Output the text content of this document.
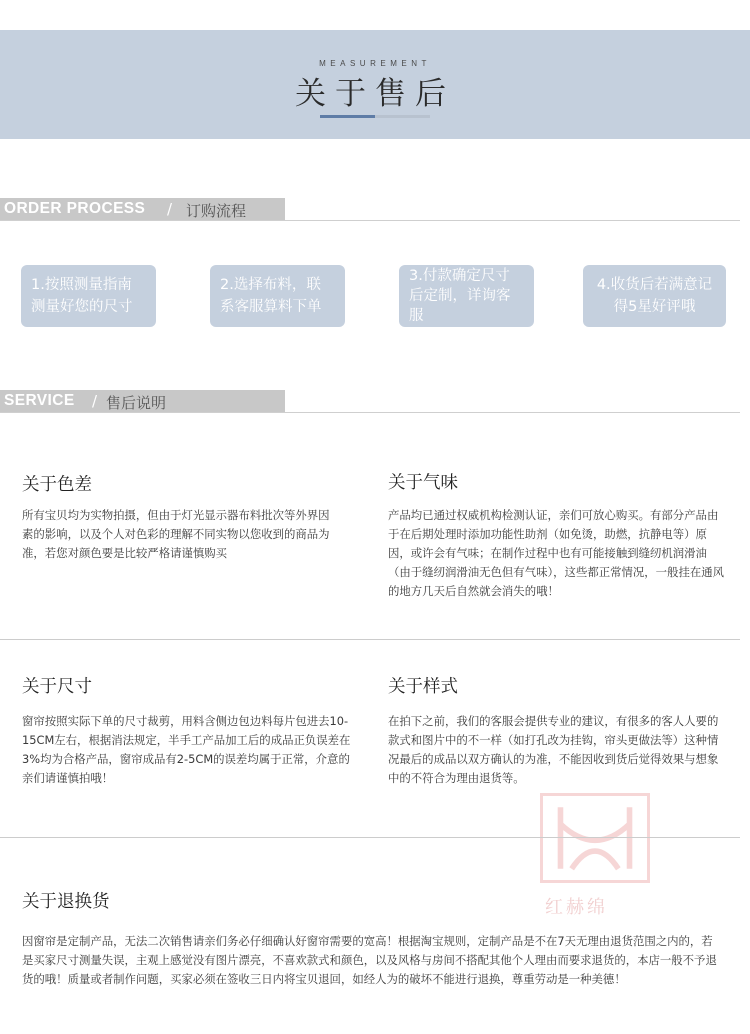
MEASUREMENT
关于售后
ORDER PROCESS / 订购流程
1.按照测量指南测量好您的尺寸
2.选择布料，联系客服算料下单
3.付款确定尺寸后定制，详询客服
4.收货后若满意记得5星好评哦
SERVICE / 售后说明
关于色差
所有宝贝均为实物拍摄，但由于灯光显示器布料批次等外界因素的影响，以及个人对色彩的理解不同实物以您收到的商品为准，若您对颜色要是比较严格请谨慎购买
关于气味
产品均已通过权威机构检测认证，亲们可放心购买。有部分产品由于在后期处理时添加功能性助剂（如免烫，助燃，抗静电等）原因，或许会有气味；在制作过程中也有可能接触到缝纫机润滑油（由于缝纫润滑油无色但有气味），这些都正常情况，一般挂在通风的地方几天后自然就会消失的哦！
关于尺寸
窗帘按照实际下单的尺寸裁剪，用料含侧边包边料每片包进去10-15CM左右，根据消法规定，半手工产品加工后的成品正负误差在3%均为合格产品，窗帘成品有2-5CM的误差均属于正常，介意的亲们请谨慎拍哦！
关于样式
在拍下之前，我们的客服会提供专业的建议，有很多的客人人要的款式和图片中的不一样（如打孔改为挂钩，帘头更做法等）这种情况最后的成品以双方确认的为准，不能因收到货后觉得效果与想象中的不符合为理由退货等。
红赫绵
关于退换货
因窗帘是定制产品，无法二次销售请亲们务必仔细确认好窗帘需要的宽高！根据淘宝规则，定制产品是不在7天无理由退货范围之内的，若是买家尺寸测量失误，主观上感觉没有图片漂亮，不喜欢款式和颜色，以及风格与房间不搭配其他个人理由而要求退货的，本店一般不予退货的哦！质量或者制作问题，买家必须在签收三日内将宝贝退回，如经人为的破坏不能进行退换，尊重劳动是一种美德！
